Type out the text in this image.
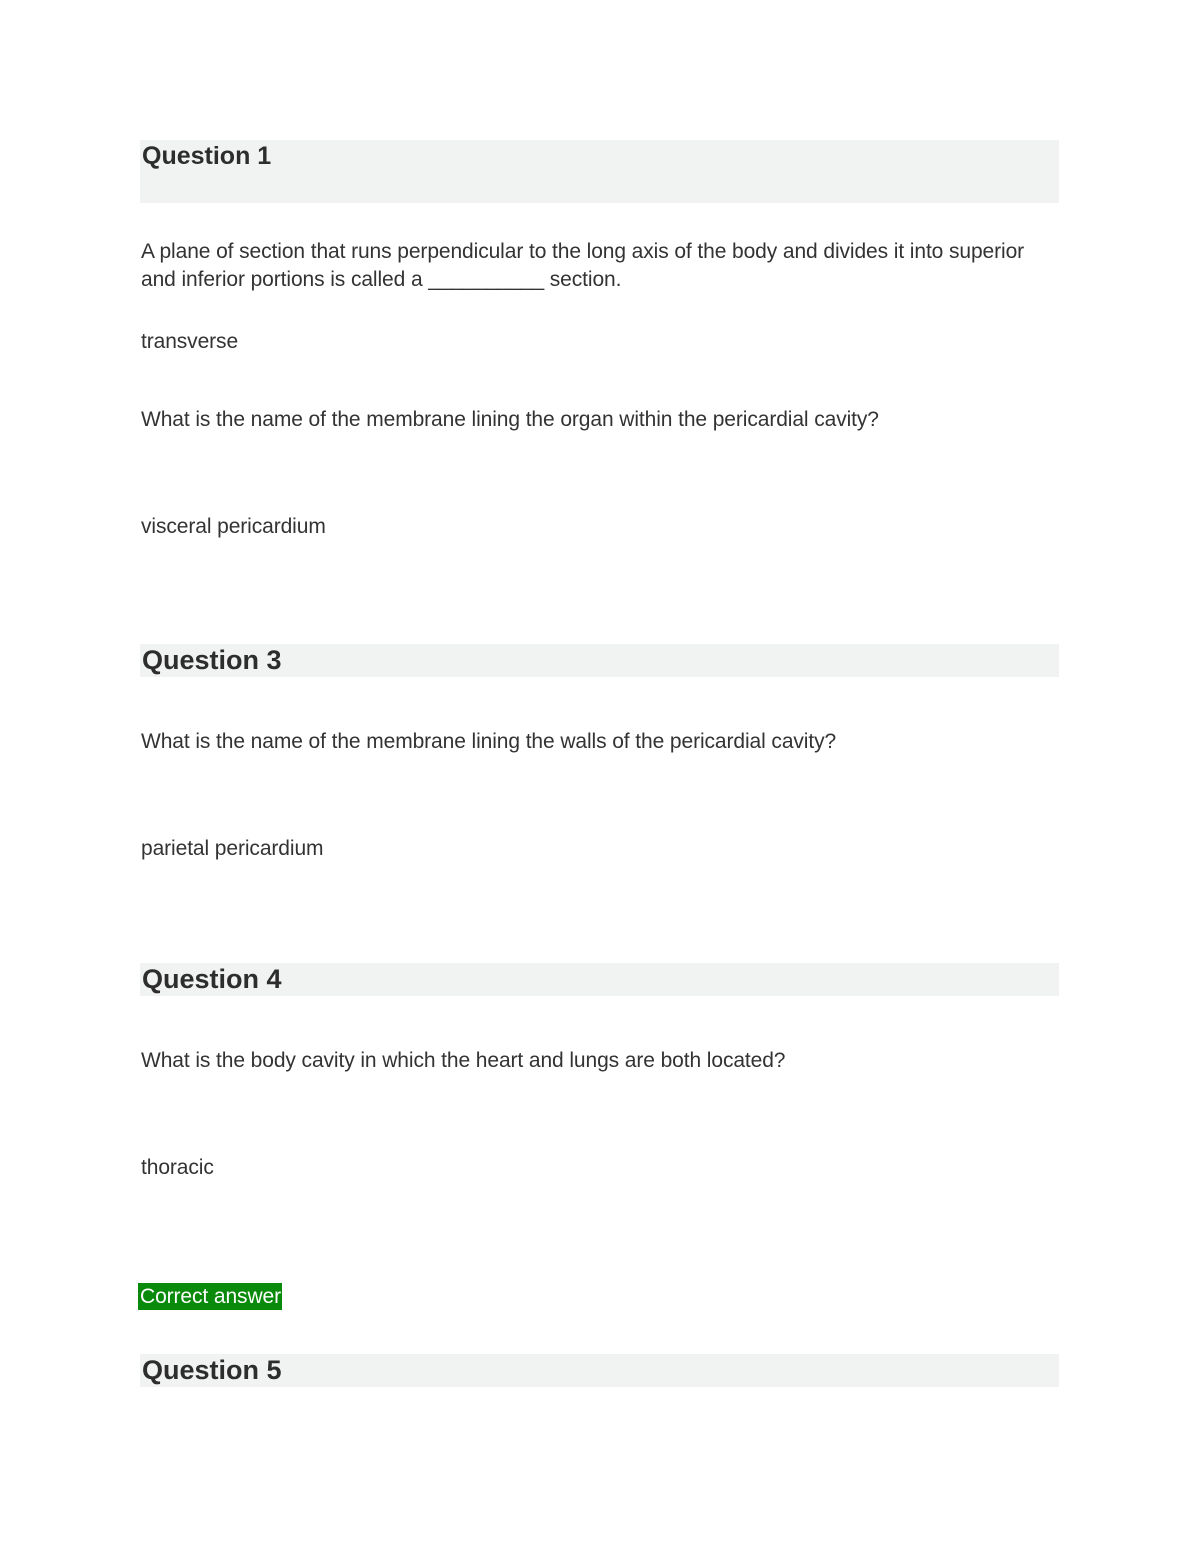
Question 1

A plane of section that runs perpendicular to the long axis of the body and divides it into superior and inferior portions is called a __________ section.

transverse

What is the name of the membrane lining the organ within the pericardial cavity?

visceral pericardium

Question 3

What is the name of the membrane lining the walls of the pericardial cavity?

parietal pericardium

Question 4

What is the body cavity in which the heart and lungs are both located?

thoracic

Correct answer
Question 5
